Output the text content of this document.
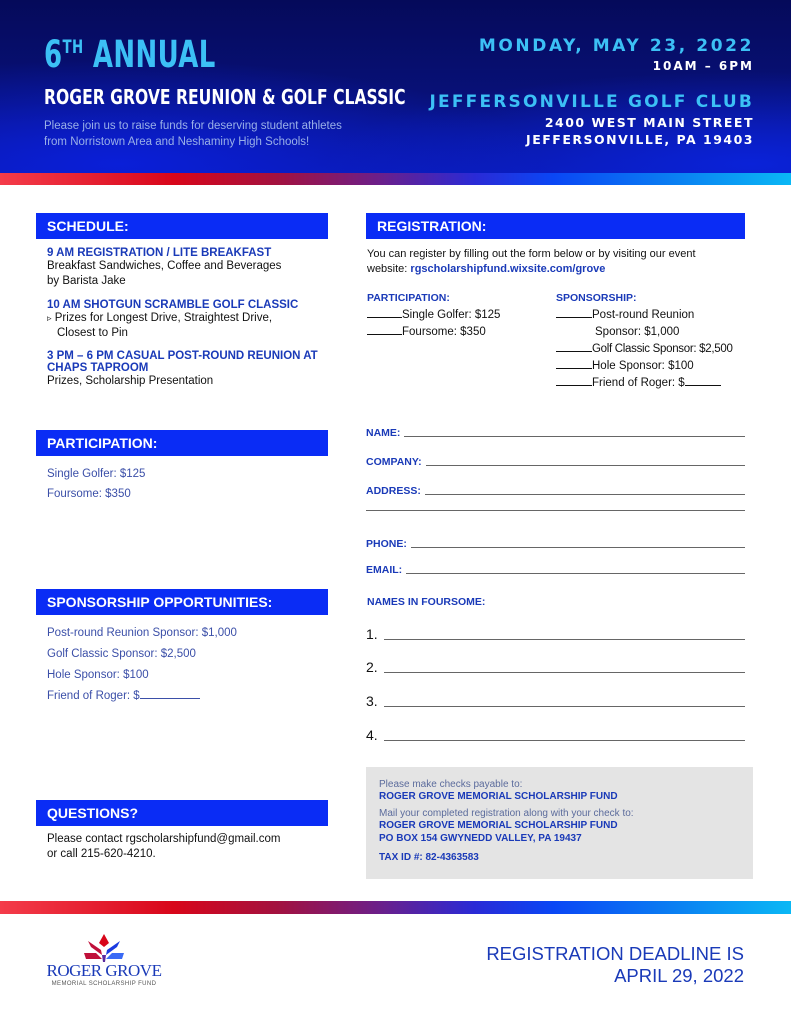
6TH ANNUAL
ROGER GROVE REUNION & GOLF CLASSIC
Please join us to raise funds for deserving student athletes
from Norristown Area and Neshaminy High Schools!
MONDAY, MAY 23, 2022
10AM – 6PM
JEFFERSONVILLE GOLF CLUB
2400 WEST MAIN STREET
JEFFERSONVILLE, PA 19403
SCHEDULE:
9 AM REGISTRATION / LITE BREAKFAST
Breakfast Sandwiches, Coffee and Beverages
by Barista Jake
10 AM SHOTGUN SCRAMBLE GOLF CLASSIC
▹ Prizes for Longest Drive, Straightest Drive,
Closest to Pin
3 PM – 6 PM CASUAL POST-ROUND REUNION AT
CHAPS TAPROOM
Prizes, Scholarship Presentation
PARTICIPATION:
Single Golfer: $125
Foursome: $350
SPONSORSHIP OPPORTUNITIES:
Post-round Reunion Sponsor: $1,000
Golf Classic Sponsor: $2,500
Hole Sponsor: $100
Friend of Roger: $
QUESTIONS?
Please contact rgscholarshipfund@gmail.com
or call 215-620-4210.
REGISTRATION:
You can register by filling out the form below or by visiting our event
website: rgscholarshipfund.wixsite.com/grove
PARTICIPATION:
Single Golfer: $125
Foursome: $350
SPONSORSHIP:
Post-round Reunion
Sponsor: $1,000
Golf Classic Sponsor: $2,500
Hole Sponsor: $100
Friend of Roger: $
NAME:
COMPANY:
ADDRESS:
PHONE:
EMAIL:
NAMES IN FOURSOME:
1.
2.
3.
4.
Please make checks payable to:
ROGER GROVE MEMORIAL SCHOLARSHIP FUND
Mail your completed registration along with your check to:
ROGER GROVE MEMORIAL SCHOLARSHIP FUND
PO BOX 154 GWYNEDD VALLEY, PA 19437
TAX ID #: 82-4363583
ROGER GROVE
MEMORIAL SCHOLARSHIP FUND
REGISTRATION DEADLINE IS
APRIL 29, 2022
